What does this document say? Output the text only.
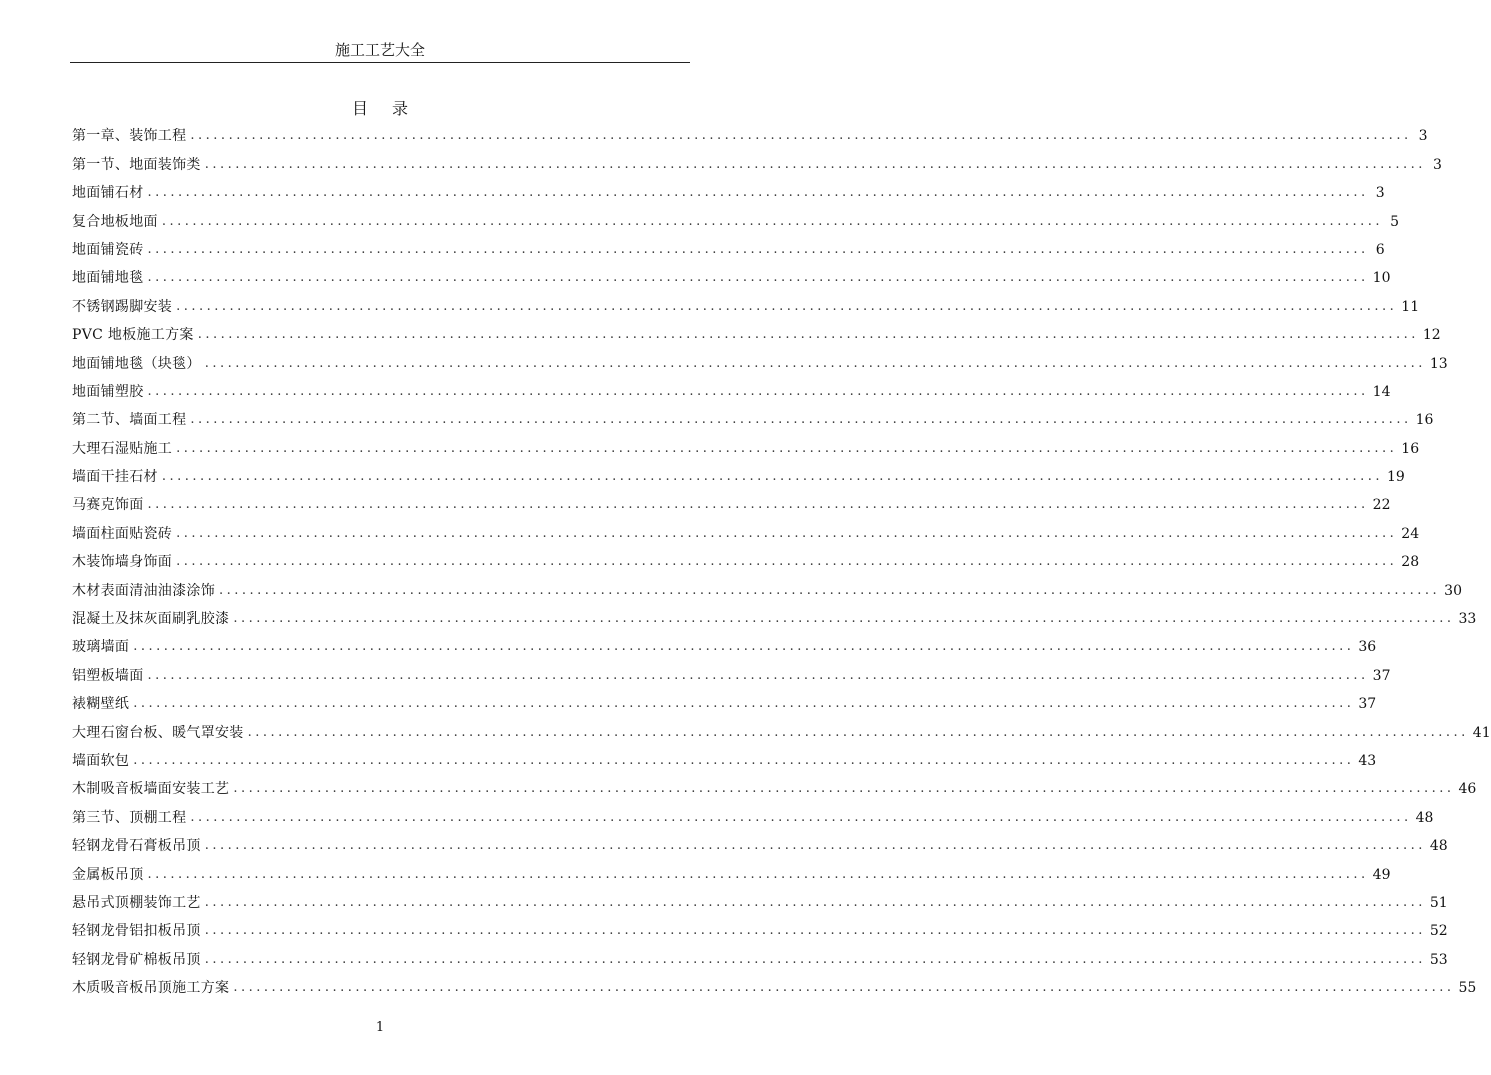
施工工艺大全
目录
第一章、装饰工程 ................................................................................................................................................................ 3
第一节、地面装饰类 ................................................................................................................................................................ 3
地面铺石材 ................................................................................................................................................................ 3
复合地板地面 ................................................................................................................................................................ 5
地面铺瓷砖 ................................................................................................................................................................ 6
地面铺地毯 ................................................................................................................................................................ 10
不锈钢踢脚安装 ................................................................................................................................................................ 11
PVC 地板施工方案 ................................................................................................................................................................ 12
地面铺地毯（块毯） ................................................................................................................................................................ 13
地面铺塑胶 ................................................................................................................................................................ 14
第二节、墙面工程 ................................................................................................................................................................ 16
大理石湿贴施工 ................................................................................................................................................................ 16
墙面干挂石材 ................................................................................................................................................................ 19
马赛克饰面 ................................................................................................................................................................ 22
墙面柱面贴瓷砖 ................................................................................................................................................................ 24
木装饰墙身饰面 ................................................................................................................................................................ 28
木材表面清油油漆涂饰 ................................................................................................................................................................ 30
混凝土及抹灰面刷乳胶漆 ................................................................................................................................................................ 33
玻璃墙面 ................................................................................................................................................................ 36
铝塑板墙面 ................................................................................................................................................................ 37
裱糊壁纸 ................................................................................................................................................................ 37
大理石窗台板、暖气罩安装 ................................................................................................................................................................ 41
墙面软包 ................................................................................................................................................................ 43
木制吸音板墙面安装工艺 ................................................................................................................................................................ 46
第三节、顶棚工程 ................................................................................................................................................................ 48
轻钢龙骨石膏板吊顶 ................................................................................................................................................................ 48
金属板吊顶 ................................................................................................................................................................ 49
悬吊式顶棚装饰工艺 ................................................................................................................................................................ 51
轻钢龙骨铝扣板吊顶 ................................................................................................................................................................ 52
轻钢龙骨矿棉板吊顶 ................................................................................................................................................................ 53
木质吸音板吊顶施工方案 ................................................................................................................................................................ 55
1
